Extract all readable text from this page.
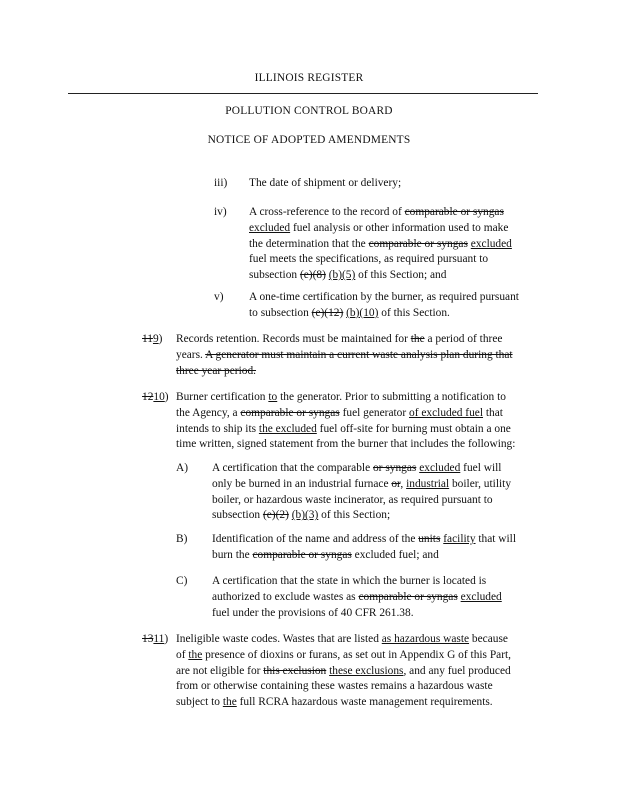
ILLINOIS REGISTER
POLLUTION CONTROL BOARD
NOTICE OF ADOPTED AMENDMENTS
iii) The date of shipment or delivery;
iv) A cross-reference to the record of comparable or syngas
excluded fuel analysis or other information used to make
the determination that the comparable or syngas excluded
fuel meets the specifications, as required pursuant to
subsection (e)(8) (b)(5) of this Section; and
v) A one-time certification by the burner, as required pursuant
to subsection (e)(12) (b)(10) of this Section.
119) Records retention. Records must be maintained for the a period of three
years. A generator must maintain a current waste analysis plan during that
three year period.
1210) Burner certification to the generator. Prior to submitting a notification to
the Agency, a comparable or syngas fuel generator of excluded fuel that
intends to ship its the excluded fuel off-site for burning must obtain a one
time written, signed statement from the burner that includes the following:
A) A certification that the comparable or syngas excluded fuel will
only be burned in an industrial furnace or, industrial boiler, utility
boiler, or hazardous waste incinerator, as required pursuant to
subsection (e)(2) (b)(3) of this Section;
B) Identification of the name and address of the units facility that will
burn the comparable or syngas excluded fuel; and
C) A certification that the state in which the burner is located is
authorized to exclude wastes as comparable or syngas excluded
fuel under the provisions of 40 CFR 261.38.
1311) Ineligible waste codes. Wastes that are listed as hazardous waste because
of the presence of dioxins or furans, as set out in Appendix G of this Part,
are not eligible for this exclusion these exclusions, and any fuel produced
from or otherwise containing these wastes remains a hazardous waste
subject to the full RCRA hazardous waste management requirements.
